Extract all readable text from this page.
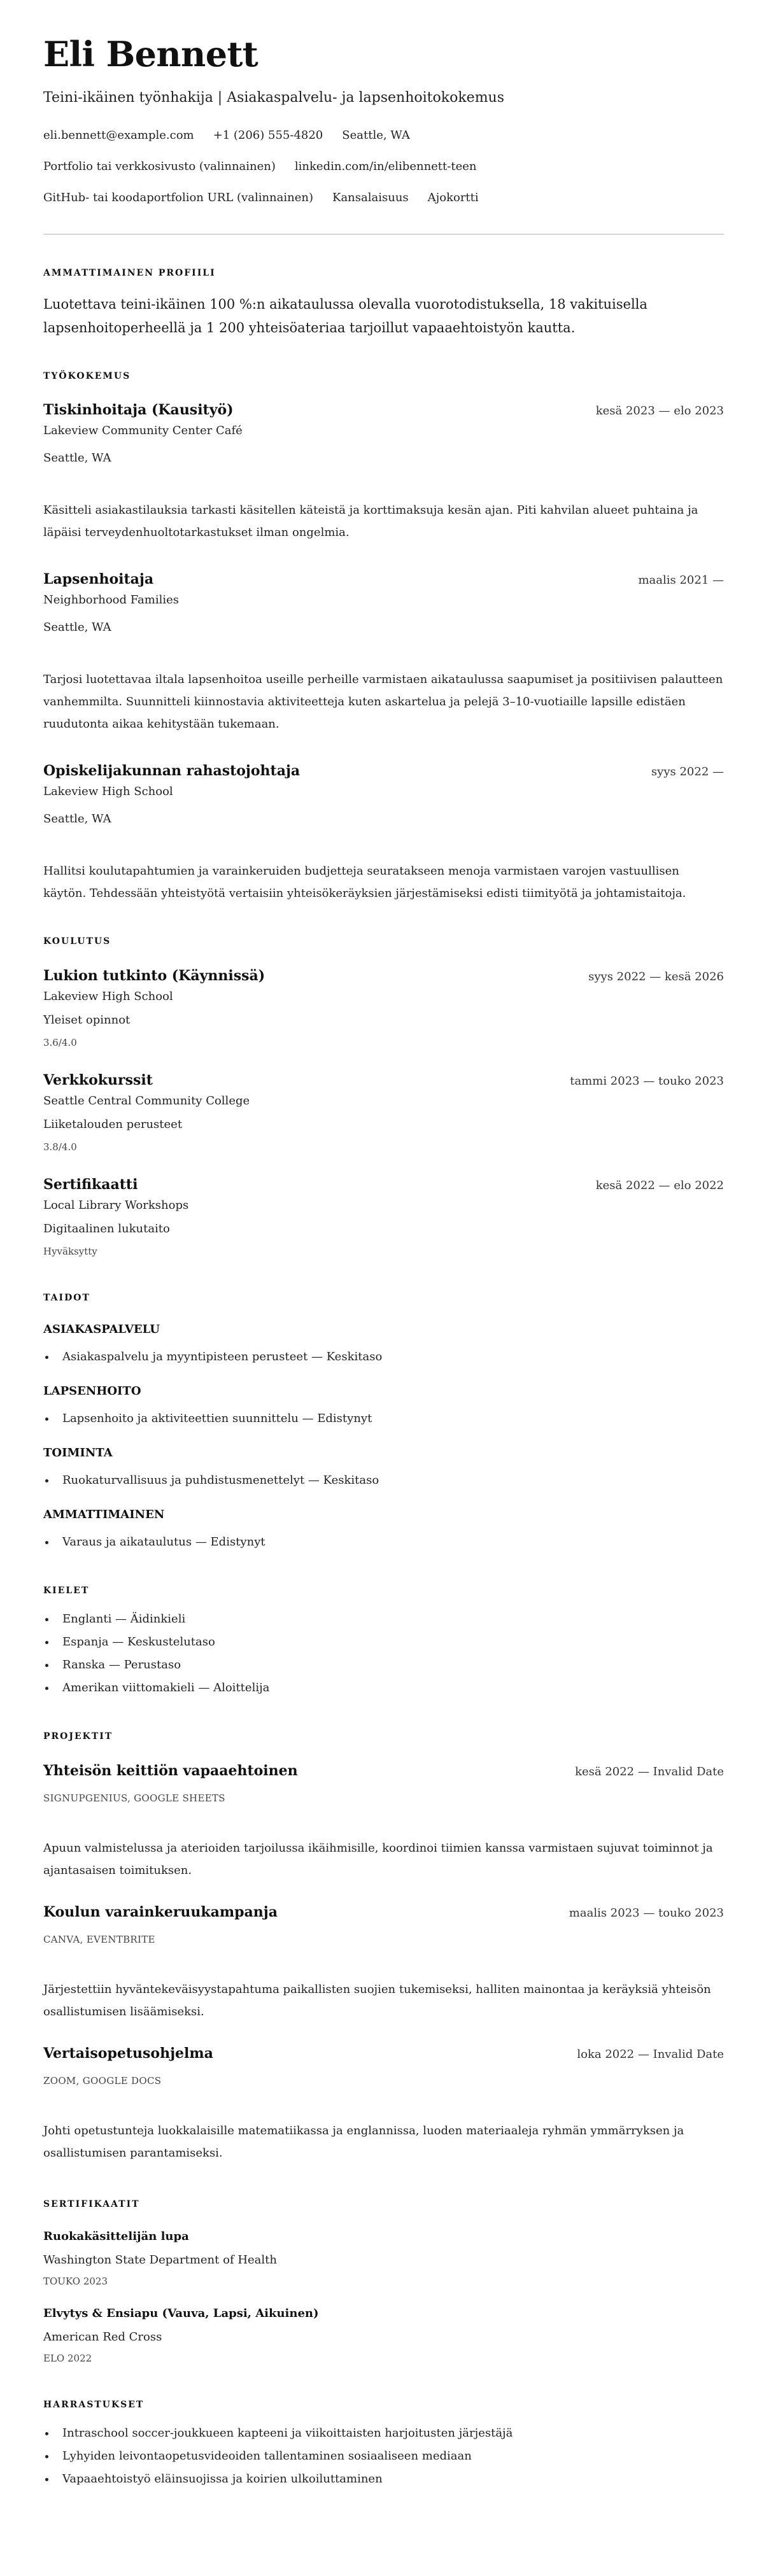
Eli Bennett
Teini-ikäinen työnhakija | Asiakaspalvelu- ja lapsenhoitokokemus
eli.bennett@example.com +1 (206) 555-4820 Seattle, WA
Portfolio tai verkkosivusto (valinnainen) linkedin.com/in/elibennett-teen
GitHub- tai koodaportfolion URL (valinnainen) Kansalaisuus Ajokortti
AMMATTIMAINEN PROFIILI
Luotettava teini-ikäinen 100 %:n aikataulussa olevalla vuorotodistuksella, 18 vakituisella lapsenhoitoperheellä ja 1 200 yhteisöateriaa tarjoillut vapaaehtoistyön kautta.
TYÖKOKEMUS
Tiskinhoitaja (Kausityö)	kesä 2023 — elo 2023
Lakeview Community Center Café
Seattle, WA
Käsitteli asiakastilauksia tarkasti käsitellen käteistä ja korttimaksuja kesän ajan. Piti kahvilan alueet puhtaina ja läpäisi terveydenhuoltotarkastukset ilman ongelmia.
Lapsenhoitaja	maalis 2021 —
Neighborhood Families
Seattle, WA
Tarjosi luotettavaa iltala lapsenhoitoa useille perheille varmistaen aikataulussa saapumiset ja positiivisen palautteen vanhemmilta. Suunnitteli kiinnostavia aktiviteetteja kuten askartelua ja pelejä 3–10-vuotiaille lapsille edistäen ruudutonta aikaa kehitystään tukemaan.
Opiskelijakunnan rahastojohtaja	syys 2022 —
Lakeview High School
Seattle, WA
Hallitsi koulutapahtumien ja varainkeruiden budjetteja seuratakseen menoja varmistaen varojen vastuullisen käytön. Tehdessään yhteistyötä vertaisiin yhteisökeräyksien järjestämiseksi edisti tiimityötä ja johtamistaitoja.
KOULUTUS
Lukion tutkinto (Käynnissä)	syys 2022 — kesä 2026
Lakeview High School
Yleiset opinnot
3.6/4.0
Verkkokurssit	tammi 2023 — touko 2023
Seattle Central Community College
Liiketalouden perusteet
3.8/4.0
Sertifikaatti	kesä 2022 — elo 2022
Local Library Workshops
Digitaalinen lukutaito
Hyväksytty
TAIDOT
ASIAKASPALVELU
Asiakaspalvelu ja myyntipisteen perusteet — Keskitaso
LAPSENHOITO
Lapsenhoito ja aktiviteettien suunnittelu — Edistynyt
TOIMINTA
Ruokaturvallisuus ja puhdistusmenettelyt — Keskitaso
AMMATTIMAINEN
Varaus ja aikataulutus — Edistynyt
KIELET
Englanti — Äidinkieli
Espanja — Keskustelutaso
Ranska — Perustaso
Amerikan viittomakieli — Aloittelija
PROJEKTIT
Yhteisön keittiön vapaaehtoinen	kesä 2022 — Invalid Date
SIGNUPGENIUS, GOOGLE SHEETS
Apuun valmistelussa ja aterioiden tarjoilussa ikäihmisille, koordinoi tiimien kanssa varmistaen sujuvat toiminnot ja ajantasaisen toimituksen.
Koulun varainkeruukampanja	maalis 2023 — touko 2023
CANVA, EVENTBRITE
Järjestettiin hyväntekeväisyystapahtuma paikallisten suojien tukemiseksi, halliten mainontaa ja keräyksiä yhteisön osallistumisen lisäämiseksi.
Vertaisopetusohjelma	loka 2022 — Invalid Date
ZOOM, GOOGLE DOCS
Johti opetustunteja luokkalaisille matematiikassa ja englannissa, luoden materiaaleja ryhmän ymmärryksen ja osallistumisen parantamiseksi.
SERTIFIKAATIT
Ruokakäsittelijän lupa
Washington State Department of Health
TOUKO 2023
Elvytys & Ensiapu (Vauva, Lapsi, Aikuinen)
American Red Cross
ELO 2022
HARRASTUKSET
Intraschool soccer-joukkueen kapteeni ja viikoittaisten harjoitusten järjestäjä
Lyhyiden leivontaopetusvideoiden tallentaminen sosiaaliseen mediaan
Vapaaehtoistyö eläinsuojissa ja koirien ulkoiluttaminen
